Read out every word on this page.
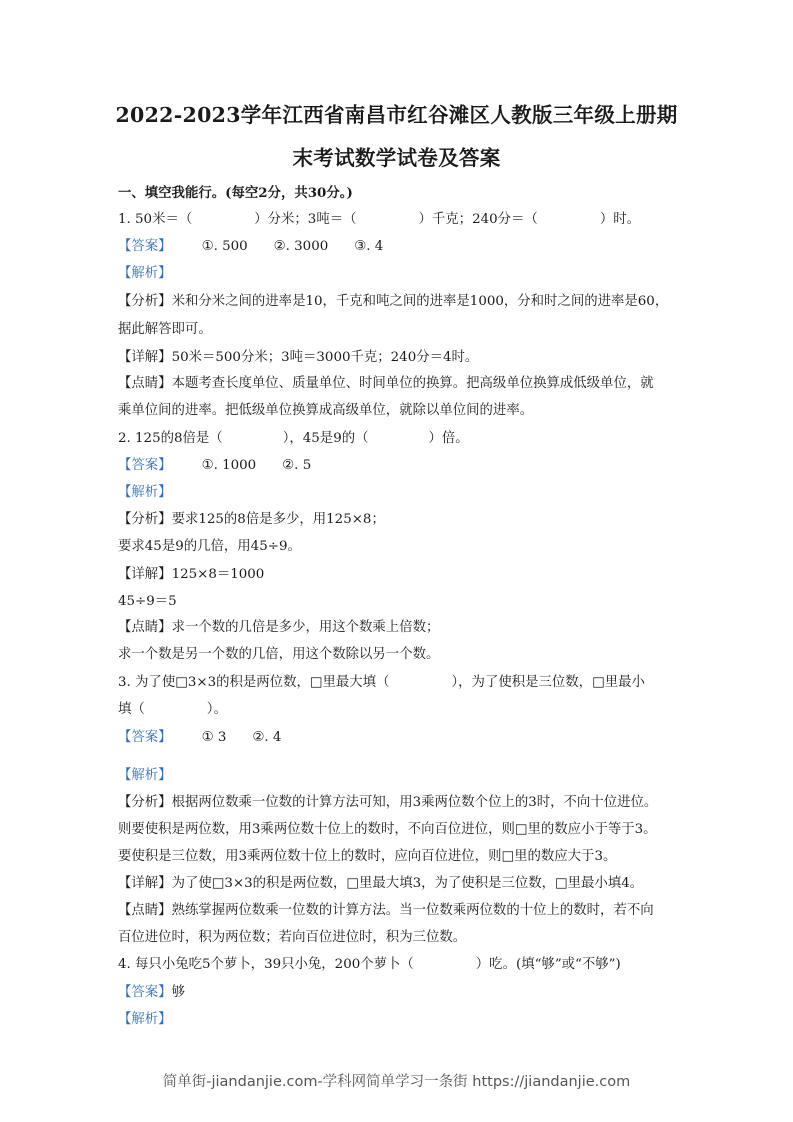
2022-2023学年江西省南昌市红谷滩区人教版三年级上册期
末考试数学试卷及答案
一、填空我能行。(每空2分，共30分。)
1. 50米＝（	）分米；3吨＝（	）千克；240分＝（	）时。
【答案】 ①. 500 ②. 3000 ③. 4
【解析】
【分析】米和分米之间的进率是10，千克和吨之间的进率是1000，分和时之间的进率是60，
据此解答即可。
【详解】50米＝500分米；3吨＝3000千克；240分＝4时。
【点睛】本题考查长度单位、质量单位、时间单位的换算。把高级单位换算成低级单位，就
乘单位间的进率。把低级单位换算成高级单位，就除以单位间的进率。
2. 125的8倍是（	），45是9的（	）倍。
【答案】 ①. 1000 ②. 5
【解析】
【分析】要求125的8倍是多少，用125×8；
要求45是9的几倍，用45÷9。
【详解】125×8＝1000
45÷9＝5
【点睛】求一个数的几倍是多少，用这个数乘上倍数；
求一个数是另一个数的几倍，用这个数除以另一个数。
3. 为了使□3×3的积是两位数，□里最大填（	），为了使积是三位数，□里最小
填（	）。
【答案】 ① 3 ②. 4
【解析】
【分析】根据两位数乘一位数的计算方法可知，用3乘两位数个位上的3时，不向十位进位。
则要使积是两位数，用3乘两位数十位上的数时，不向百位进位，则□里的数应小于等于3。
要使积是三位数，用3乘两位数十位上的数时，应向百位进位，则□里的数应大于3。
【详解】为了使□3×3的积是两位数，□里最大填3，为了使积是三位数，□里最小填4。
【点睛】熟练掌握两位数乘一位数的计算方法。当一位数乘两位数的十位上的数时，若不向
百位进位时，积为两位数；若向百位进位时，积为三位数。
4. 每只小兔吃5个萝卜，39只小兔，200个萝卜（	）吃。(填“够”或“不够”)
【答案】够
【解析】
简单街-jiandanjie.com-学科网简单学习一条街 https://jiandanjie.com
